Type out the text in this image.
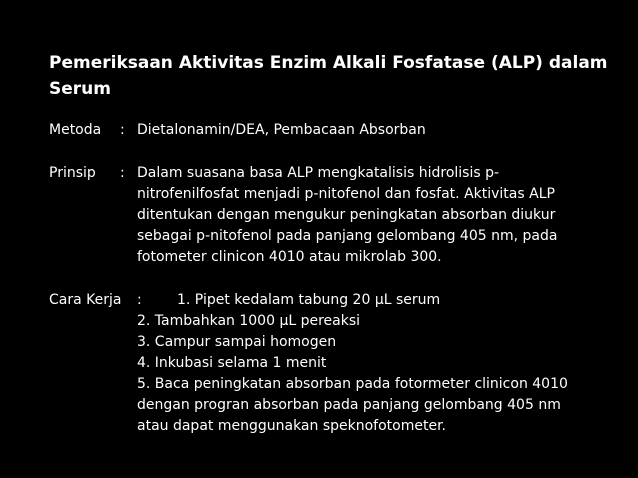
Pemeriksaan Aktivitas Enzim Alkali Fosfatase (ALP) dalam
Serum
Metoda : Dietalonamin/DEA, Pembacaan Absorban
Prinsip : Dalam suasana basa ALP mengkatalisis hidrolisis p-
nitrofenilfosfat menjadi p-nitofenol dan fosfat. Aktivitas ALP
ditentukan dengan mengukur peningkatan absorban diukur
sebagai p-nitofenol pada panjang gelombang 405 nm, pada
fotometer clinicon 4010 atau mikrolab 300.
Cara Kerja :	1. Pipet kedalam tabung 20 µL serum
2. Tambahkan 1000 µL pereaksi
3. Campur sampai homogen
4. Inkubasi selama 1 menit
5. Baca peningkatan absorban pada fotormeter clinicon 4010
dengan progran absorban pada panjang gelombang 405 nm
atau dapat menggunakan speknofotometer.
